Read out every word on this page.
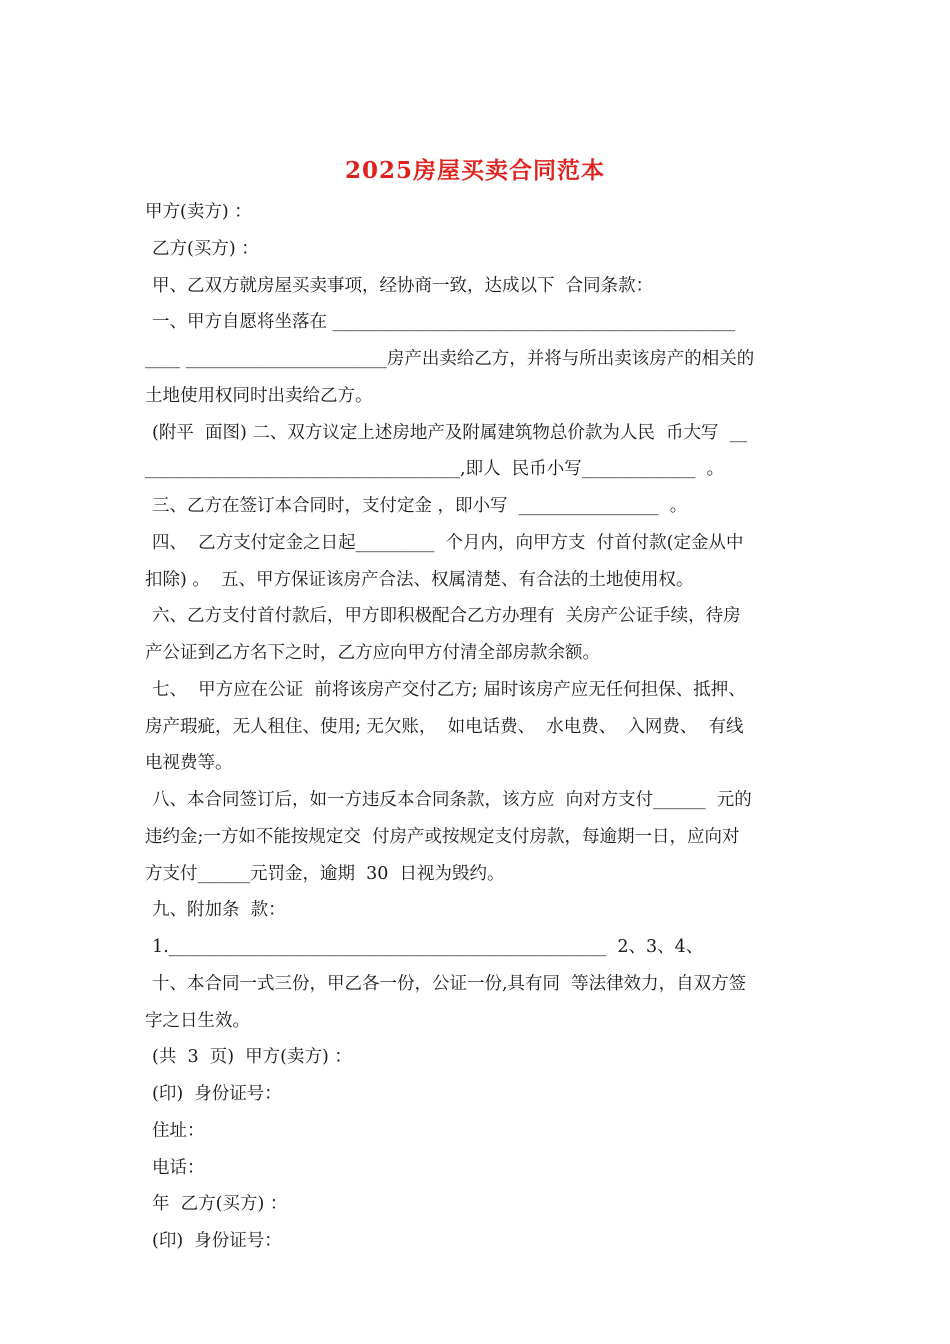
2025房屋买卖合同范本
甲方(卖方) ：
乙方(买方) ：
甲、乙双方就房屋买卖事项，经协商一致，达成以下  合同条款：
一、甲方自愿将坐落在 ______________________________________________
____ _______________________房产出卖给乙方，并将与所出卖该房产的相关的
土地使用权同时出卖给乙方。
(附平  面图) 二、双方议定上述房地产及附属建筑物总价款为人民  币大写  __
____________________________________,即人  民币小写_____________  。
三、乙方在签订本合同时，支付定金 ，即小写  ________________  。
四、  乙方支付定金之日起_________  个月内，向甲方支  付首付款(定金从中
扣除) 。  五、甲方保证该房产合法、权属清楚、有合法的土地使用权。
六、乙方支付首付款后，甲方即积极配合乙方办理有  关房产公证手续，待房
产公证到乙方名下之时，乙方应向甲方付清全部房款余额。
七、  甲方应在公证  前将该房产交付乙方; 届时该房产应无任何担保、抵押、
房产瑕疵，无人租住、使用; 无欠账，  如电话费、  水电费、  入网费、  有线
电视费等。
八、本合同签订后，如一方违反本合同条款，该方应  向对方支付______  元的
违约金;一方如不能按规定交  付房产或按规定支付房款，每逾期一日，应向对
方支付______元罚金，逾期  30  日视为毁约。
九、附加条  款：
1.__________________________________________________  2、3、4、
十、本合同一式三份，甲乙各一份，公证一份,具有同  等法律效力，自双方签
字之日生效。
(共  3  页)  甲方(卖方) ：
(印)  身份证号：
住址：
电话：
年  乙方(买方) ：
(印)  身份证号：
